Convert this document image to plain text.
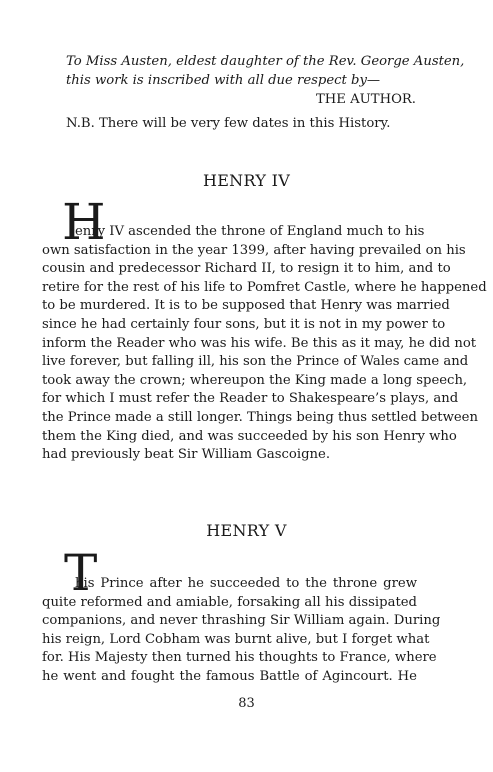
To Miss Austen, eldest daughter of the Rev. George Austen,
this work is inscribed with all due respect by—
THE AUTHOR.
N.B. There will be very few dates in this History.
HENRY IV
H
enry IV ascended the throne of England much to his
own satisfaction in the year 1399, after having prevailed on his
cousin and predecessor Richard II, to resign it to him, and to
retire for the rest of his life to Pomfret Castle, where he happened
to be murdered. It is to be supposed that Henry was married
since he had certainly four sons, but it is not in my power to
inform the Reader who was his wife. Be this as it may, he did not
live forever, but falling ill, his son the Prince of Wales came and
took away the crown; whereupon the King made a long speech,
for which I must refer the Reader to Shakespeare’s plays, and
the Prince made a still longer. Things being thus settled between
them the King died, and was succeeded by his son Henry who
had previously beat Sir William Gascoigne.
HENRY V
T
his Prince after he succeeded to the throne grew
quite reformed and amiable, forsaking all his dissipated
companions, and never thrashing Sir William again. During
his reign, Lord Cobham was burnt alive, but I forget what
for. His Majesty then turned his thoughts to France, where
he went and fought the famous Battle of Agincourt. He
83
